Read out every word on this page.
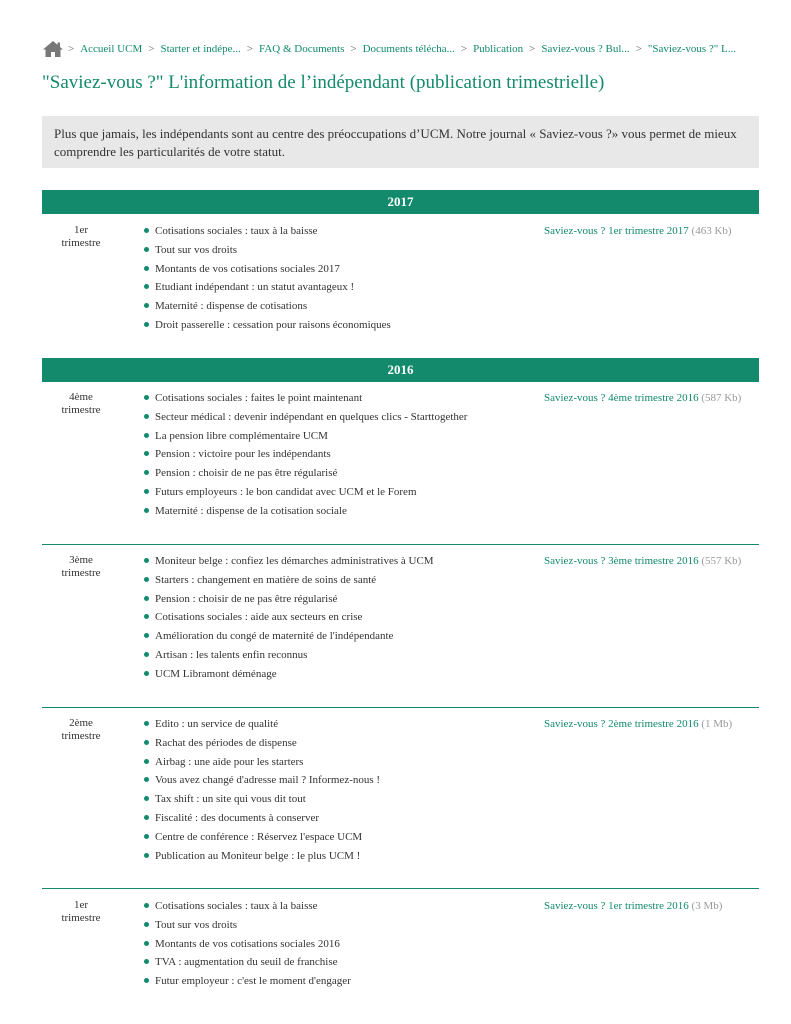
> Accueil UCM > Starter et indépe... > FAQ & Documents > Documents télécha... > Publication > Saviez-vous ? Bul... > "Saviez-vous ?" L...
"Saviez-vous ?" L'information de l’indépendant (publication trimestrielle)
Plus que jamais, les indépendants sont au centre des préoccupations d’UCM. Notre journal « Saviez-vous ?» vous permet de mieux comprendre les particularités de votre statut.
2017
1er
trimestre
Cotisations sociales : taux à la baisse
Tout sur vos droits
Montants de vos cotisations sociales 2017
Etudiant indépendant : un statut avantageux !
Maternité : dispense de cotisations
Droit passerelle : cessation pour raisons économiques
Saviez-vous ? 1er trimestre 2017 (463 Kb)
2016
4ème
trimestre
Cotisations sociales : faites le point maintenant
Secteur médical : devenir indépendant en quelques clics - Starttogether
La pension libre complémentaire UCM
Pension : victoire pour les indépendants
Pension : choisir de ne pas être régularisé
Futurs employeurs : le bon candidat avec UCM et le Forem
Maternité : dispense de la cotisation sociale
Saviez-vous ? 4ème trimestre 2016 (587 Kb)
3ème
trimestre
Moniteur belge : confiez les démarches administratives à UCM
Starters : changement en matière de soins de santé
Pension : choisir de ne pas être régularisé
Cotisations sociales : aide aux secteurs en crise
Amélioration du congé de maternité de l'indépendante
Artisan : les talents enfin reconnus
UCM Libramont déménage
Saviez-vous ? 3ème trimestre 2016 (557 Kb)
2ème
trimestre
Edito : un service de qualité
Rachat des périodes de dispense
Airbag : une aide pour les starters
Vous avez changé d'adresse mail ? Informez-nous !
Tax shift : un site qui vous dit tout
Fiscalité : des documents à conserver
Centre de conférence : Réservez l'espace UCM
Publication au Moniteur belge : le plus UCM !
Saviez-vous ? 2ème trimestre 2016 (1 Mb)
1er
trimestre
Cotisations sociales : taux à la baisse
Tout sur vos droits
Montants de vos cotisations sociales 2016
TVA : augmentation du seuil de franchise
Futur employeur : c'est le moment d'engager
Saviez-vous ? 1er trimestre 2016 (3 Mb)
